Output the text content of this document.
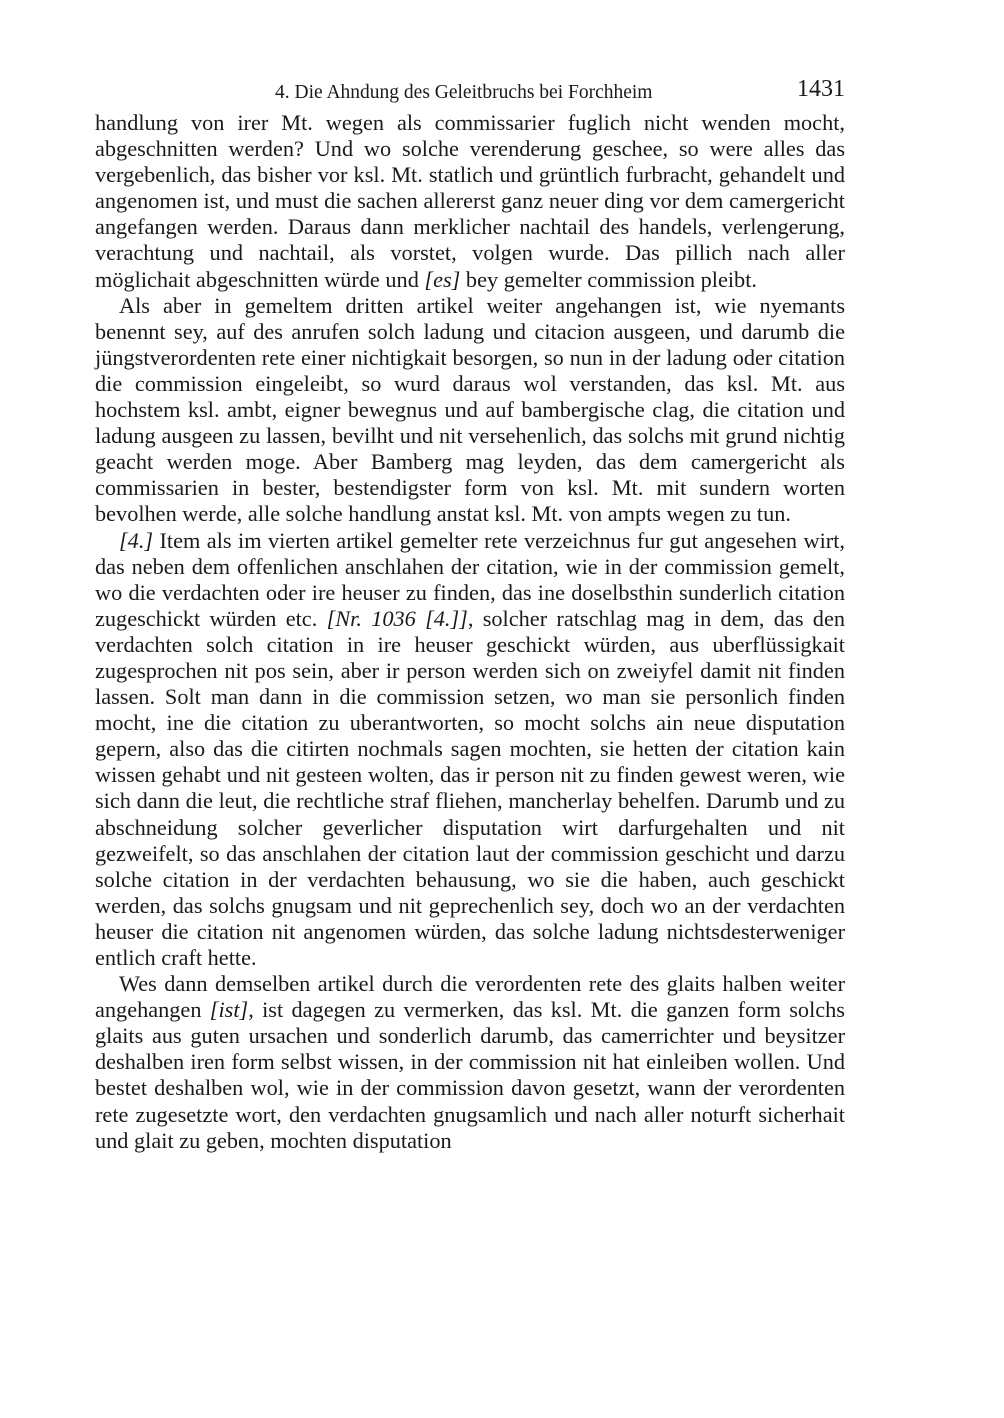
4. Die Ahndung des Geleitbruchs bei Forchheim	1431

handlung von irer Mt. wegen als commissarier fuglich nicht wenden mocht, abgeschnitten werden? Und wo solche verenderung geschee, so were alles das vergebenlich, das bisher vor ksl. Mt. statlich und grüntlich furbracht, gehandelt und angenomen ist, und must die sachen allererst ganz neuer ding vor dem camergericht angefangen werden. Daraus dann merklicher nachtail des handels, verlengerung, verachtung und nachtail, als vorstet, volgen wurde. Das pillich nach aller möglichait abgeschnitten würde und [es] bey gemelter commission pleibt.

Als aber in gemeltem dritten artikel weiter angehangen ist, wie nyemants benennt sey, auf des anrufen solch ladung und citacion ausgeen, und darumb die jüngstverordenten rete einer nichtigkait besorgen, so nun in der ladung oder citation die commission eingeleibt, so wurd daraus wol verstanden, das ksl. Mt. aus hochstem ksl. ambt, eigner bewegnus und auf bambergische clag, die citation und ladung ausgeen zu lassen, bevilht und nit versehenlich, das solchs mit grund nichtig geacht werden moge. Aber Bamberg mag leyden, das dem camergericht als commissarien in bester, bestendigster form von ksl. Mt. mit sundern worten bevolhen werde, alle solche handlung anstat ksl. Mt. von ampts wegen zu tun.

[4.] Item als im vierten artikel gemelter rete verzeichnus fur gut angesehen wirt, das neben dem offenlichen anschlahen der citation, wie in der commission gemelt, wo die verdachten oder ire heuser zu finden, das ine doselbsthin sunderlich citation zugeschickt würden etc. [Nr. 1036 [4.]], solcher ratschlag mag in dem, das den verdachten solch citation in ire heuser geschickt würden, aus uberflüssigkait zugesprochen nit pos sein, aber ir person werden sich on zweiyfel damit nit finden lassen. Solt man dann in die commission setzen, wo man sie personlich finden mocht, ine die citation zu uberantworten, so mocht solchs ain neue disputation gepern, also das die citirten nochmals sagen mochten, sie hetten der citation kain wissen gehabt und nit gesteen wolten, das ir person nit zu finden gewest weren, wie sich dann die leut, die rechtliche straf fliehen, mancherlay behelfen. Darumb und zu abschneidung solcher geverlicher disputation wirt darfurgehalten und nit gezweifelt, so das anschlahen der citation laut der commission geschicht und darzu solche citation in der verdachten behausung, wo sie die haben, auch geschickt werden, das solchs gnugsam und nit geprechenlich sey, doch wo an der verdachten heuser die citation nit angenomen würden, das solche ladung nichtsdesterweniger entlich craft hette.

Wes dann demselben artikel durch die verordenten rete des glaits halben weiter angehangen [ist], ist dagegen zu vermerken, das ksl. Mt. die ganzen form solchs glaits aus guten ursachen und sonderlich darumb, das camerrichter und beysitzer deshalben iren form selbst wissen, in der commission nit hat einleiben wollen. Und bestet deshalben wol, wie in der commission davon gesetzt, wann der verordenten rete zugesetzte wort, den verdachten gnugsamlich und nach aller noturft sicherhait und glait zu geben, mochten disputation
